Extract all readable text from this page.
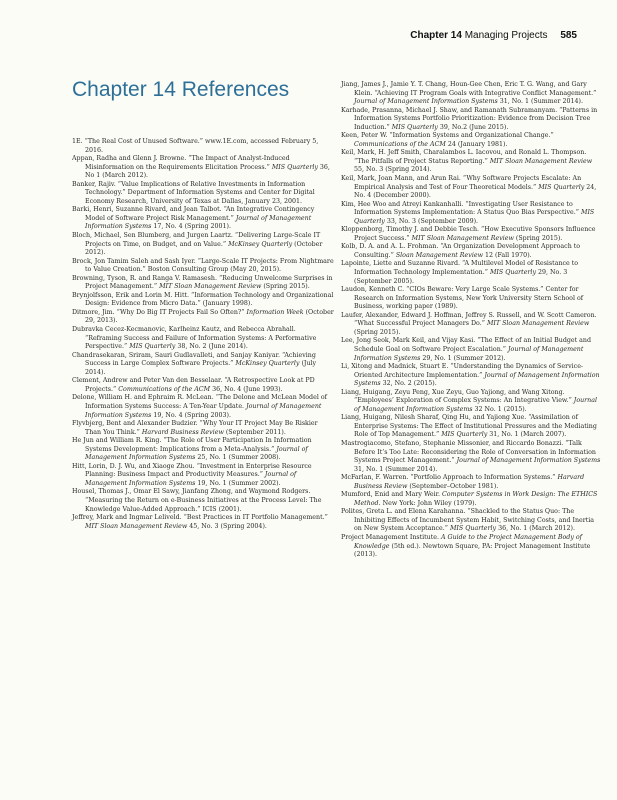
Chapter 14 Managing Projects 585
Chapter 14 References

1E. “The Real Cost of Unused Software.” www.1E.com, accessed February 5, 2016.

Appan, Radha and Glenn J. Browne. “The Impact of Analyst-Induced Misinformation on the Requirements Elicitation Process.” MIS Quarterly 36, No 1 (March 2012).

Banker, Rajiv. “Value Implications of Relative Investments in Information Technology.” Department of Information Systems and Center for Digital Economy Research, University of Texas at Dallas, January 23, 2001.

Barki, Henri, Suzanne Rivard, and Jean Talbot. “An Integrative Contingency Model of Software Project Risk Management.” Journal of Management Information Systems 17, No. 4 (Spring 2001).

Bloch, Michael, Sen Blumberg, and Jurgen Laartz. “Delivering Large-Scale IT Projects on Time, on Budget, and on Value.” McKinsey Quarterly (October 2012).

Brock, Jon Tamim Saleh and Sash Iyer. “Large-Scale IT Projects: From Nightmare to Value Creation.” Boston Consulting Group (May 20, 2015).

Browning, Tyson, R. and Ranga V. Ramasesh. “Reducing Unwelcome Surprises in Project Management.” MIT Sloan Management Review (Spring 2015).

Brynjolfsson, Erik and Lorin M. Hitt. “Information Technology and Organizational Design: Evidence from Micro Data.” (January 1998).

Ditmore, Jim. “Why Do Big IT Projects Fail So Often?” Information Week (October 29, 2013).

Dubravka Cecez-Kecmanovic, Karlheinz Kautz, and Rebecca Abrahall. “Reframing Success and Failure of Information Systems: A Performative Perspective.” MIS Quarterly 38, No. 2 (June 2014).

Chandrasekaran, Sriram, Sauri Gudlavalleti, and Sanjay Kaniyar. “Achieving Success in Large Complex Software Projects.” McKinsey Quarterly (July 2014).

Clement, Andrew and Peter Van den Besselaar. “A Retrospective Look at PD Projects.” Communications of the ACM 36, No. 4 (June 1993).

Delone, William H. and Ephraim R. McLean. “The Delone and McLean Model of Information Systems Success: A Ten-Year Update. Journal of Management Information Systems 19, No. 4 (Spring 2003).

Flyvbjerg, Bent and Alexander Budzier. “Why Your IT Project May Be Riskier Than You Think.” Harvard Business Review (September 2011).

He Jun and William R. King. “The Role of User Participation In Information Systems Development: Implications from a Meta-Analysis.” Journal of Management Information Systems 25, No. 1 (Summer 2008).

Hitt, Lorin, D. J. Wu, and Xiaoge Zhou. “Investment in Enterprise Resource Planning: Business Impact and Productivity Measures.” Journal of Management Information Systems 19, No. 1 (Summer 2002).

Housel, Thomas J., Omar El Sawy, Jianfang Zhong, and Waymond Rodgers. “Measuring the Return on e-Business Initiatives at the Process Level: The Knowledge Value-Added Approach.” ICIS (2001).

Jeffrey, Mark and Ingmar Leliveld. “Best Practices in IT Portfolio Management.” MIT Sloan Management Review 45, No. 3 (Spring 2004).

Jiang, James J., Jamie Y. T. Chang, Houn-Gee Chen, Eric T. G. Wang, and Gary Klein. “Achieving IT Program Goals with Integrative Conflict Management.” Journal of Management Information Systems 31, No. 1 (Summer 2014).

Karhade, Prasanna, Michael J. Shaw, and Ramanath Subramanyam. “Patterns in Information Systems Portfolio Prioritization: Evidence from Decision Tree Induction.” MIS Quarterly 39, No.2 (June 2015).

Keen, Peter W. “Information Systems and Organizational Change.” Communications of the ACM 24 (January 1981).

Keil, Mark, H. Jeff Smith, Charalambos L. Iacovou, and Ronald L. Thompson. “The Pitfalls of Project Status Reporting.” MIT Sloan Management Review 55, No. 3 (Spring 2014).

Keil, Mark, Joan Mann, and Arun Rai. “Why Software Projects Escalate: An Empirical Analysis and Test of Four Theoretical Models.” MIS Quarterly 24, No. 4 (December 2000).

Kim, Hee Woo and Atreyi Kankanhalli. “Investigating User Resistance to Information Systems Implementation: A Status Quo Bias Perspective.” MIS Quarterly 33, No. 3 (September 2009).

Kloppenborg, Timothy J. and Debbie Tesch. “How Executive Sponsors Influence Project Success.” MIT Sloan Management Review (Spring 2015).

Kolb, D. A. and A. L. Frohman. “An Organization Development Approach to Consulting.” Sloan Management Review 12 (Fall 1970).

Lapointe, Liette and Suzanne Rivard. “A Multilevel Model of Resistance to Information Technology Implementation.” MIS Quarterly 29, No. 3 (September 2005).

Laudon, Kenneth C. “CIOs Beware: Very Large Scale Systems.” Center for Research on Information Systems, New York University Stern School of Business, working paper (1989).

Laufer, Alexander, Edward J. Hoffman, Jeffrey S. Russell, and W. Scott Cameron. “What Successful Project Managers Do.” MIT Sloan Management Review (Spring 2015).

Lee, Jong Seok, Mark Keil, and Vijay Kasi. “The Effect of an Initial Budget and Schedule Goal on Software Project Escalation.” Journal of Management Information Systems 29, No. 1 (Summer 2012).

Li, Xitong and Madnick, Stuart E. “Understanding the Dynamics of Service-Oriented Architecture Implementation.” Journal of Management Information Systems 32, No. 2 (2015).

Liang, Huigang, Zeyu Peng, Xue Zeyu, Guo Yajiong, and Wang Xitong. “Employees’ Exploration of Complex Systems: An Integrative View.” Journal of Management Information Systems 32 No. 1 (2015).

Liang, Huigang, Nilesh Sharaf, Qing Hu, and Yajiong Xue. “Assimilation of Enterprise Systems: The Effect of Institutional Pressures and the Mediating Role of Top Management.” MIS Quarterly 31, No. 1 (March 2007).

Mastrogiacomo, Stefano, Stephanie Missonier, and Riccardo Bonazzi. “Talk Before It’s Too Late: Reconsidering the Role of Conversation in Information Systems Project Management.” Journal of Management Information Systems 31, No. 1 (Summer 2014).

McFarlan, F. Warren. “Portfolio Approach to Information Systems.” Harvard Business Review (September–October 1981).

Mumford, Enid and Mary Weir. Computer Systems in Work Design: The ETHICS Method. New York: John Wiley (1979).

Polites, Greta L. and Elena Karahanna. “Shackled to the Status Quo: The Inhibiting Effects of Incumbent System Habit, Switching Costs, and Inertia on New System Acceptance.” MIS Quarterly 36, No. 1 (March 2012).

Project Management Institute. A Guide to the Project Management Body of Knowledge (5th ed.). Newtown Square, PA: Project Management Institute (2013).
